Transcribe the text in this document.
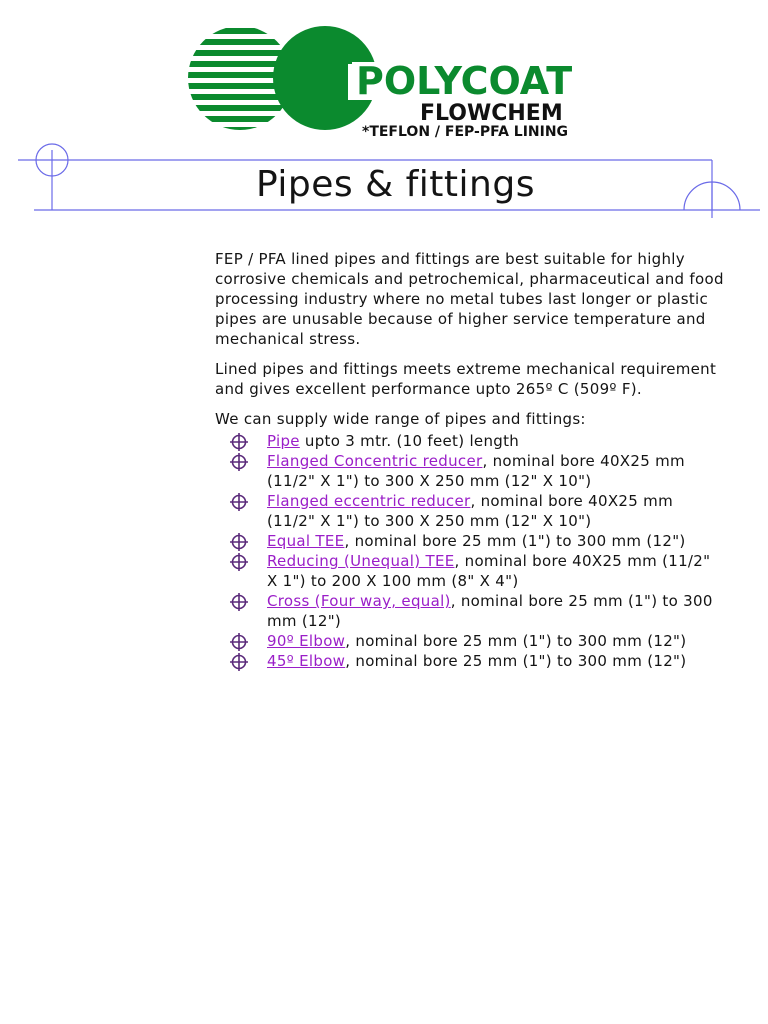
POLYCOAT
FLOWCHEM
*TEFLON / FEP-PFA LINING
Pipes & fittings

FEP / PFA lined pipes and fittings are best suitable for highly corrosive chemicals and petrochemical, pharmaceutical and food processing industry where no metal tubes last longer or plastic pipes are unusable because of higher service temperature and mechanical stress.

Lined pipes and fittings meets extreme mechanical requirement and gives excellent performance upto 265º C (509º F).

We can supply wide range of pipes and fittings:

Pipe upto 3 mtr. (10 feet) length
Flanged Concentric reducer, nominal bore 40X25 mm (11/2" X 1") to 300 X 250 mm (12" X 10")
Flanged eccentric reducer, nominal bore 40X25 mm (11/2" X 1") to 300 X 250 mm (12" X 10")
Equal TEE, nominal bore 25 mm (1") to 300 mm (12")
Reducing (Unequal) TEE, nominal bore 40X25 mm (11/2" X 1") to 200 X 100 mm (8" X 4")
Cross (Four way, equal), nominal bore 25 mm (1") to 300 mm (12")
90º Elbow, nominal bore 25 mm (1") to 300 mm (12")
45º Elbow, nominal bore 25 mm (1") to 300 mm (12")
